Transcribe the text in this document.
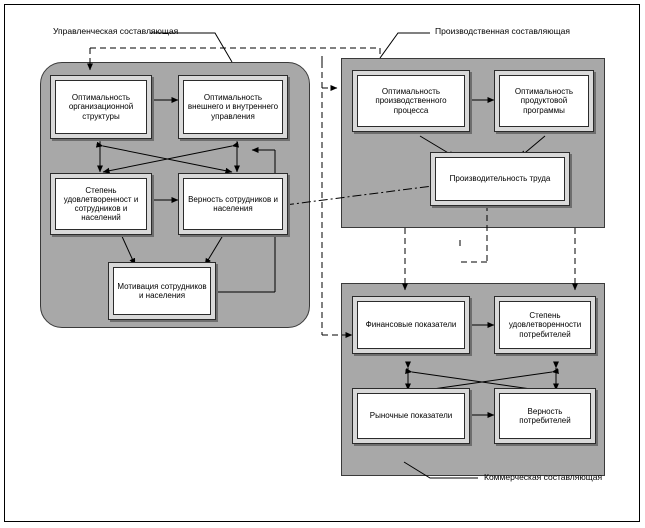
Управленческая составляющая	Производственная составляющая
Коммерческая составляющая
Оптимальность организационной структуры
Оптимальность внешнего и внутреннего управления
Степень удовлетворенност и сотрудников и населений
Верность сотрудников и населения
Мотивация сотрудников и населения
Оптимальность производственного процесса
Оптимальность продуктовой программы
Производительность труда
Финансовые показатели
Степень удовлетворенности потребителей
Рыночные показатели
Верность потребителей
